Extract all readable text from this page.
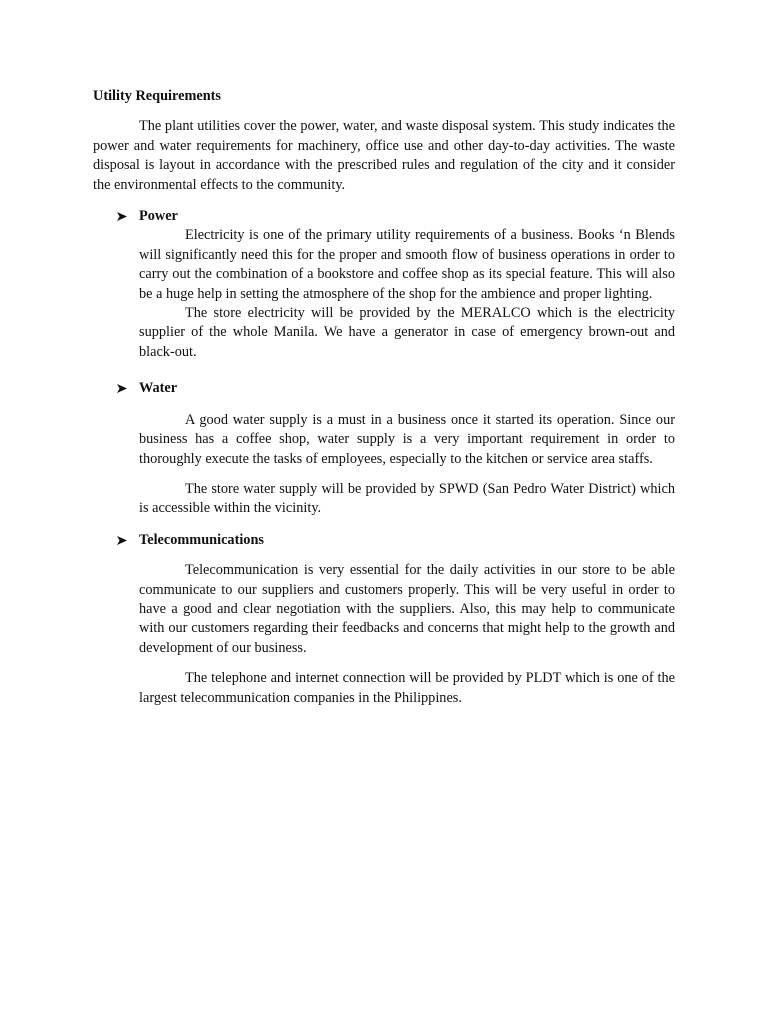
Utility Requirements

The plant utilities cover the power, water, and waste disposal system. This study indicates the power and water requirements for machinery, office use and other day-to-day activities. The waste disposal is layout in accordance with the prescribed rules and regulation of the city and it consider the environmental effects to the community.

Power

Electricity is one of the primary utility requirements of a business. Books ‘n Blends will significantly need this for the proper and smooth flow of business operations in order to carry out the combination of a bookstore and coffee shop as its special feature. This will also be a huge help in setting the atmosphere of the shop for the ambience and proper lighting.

The store electricity will be provided by the MERALCO which is the electricity supplier of the whole Manila. We have a generator in case of emergency brown-out and black-out.

Water

A good water supply is a must in a business once it started its operation. Since our business has a coffee shop, water supply is a very important requirement in order to thoroughly execute the tasks of employees, especially to the kitchen or service area staffs.

The store water supply will be provided by SPWD (San Pedro Water District) which is accessible within the vicinity.

Telecommunications

Telecommunication is very essential for the daily activities in our store to be able communicate to our suppliers and customers properly. This will be very useful in order to have a good and clear negotiation with the suppliers. Also, this may help to communicate with our customers regarding their feedbacks and concerns that might help to the growth and development of our business.

The telephone and internet connection will be provided by PLDT which is one of the largest telecommunication companies in the Philippines.
